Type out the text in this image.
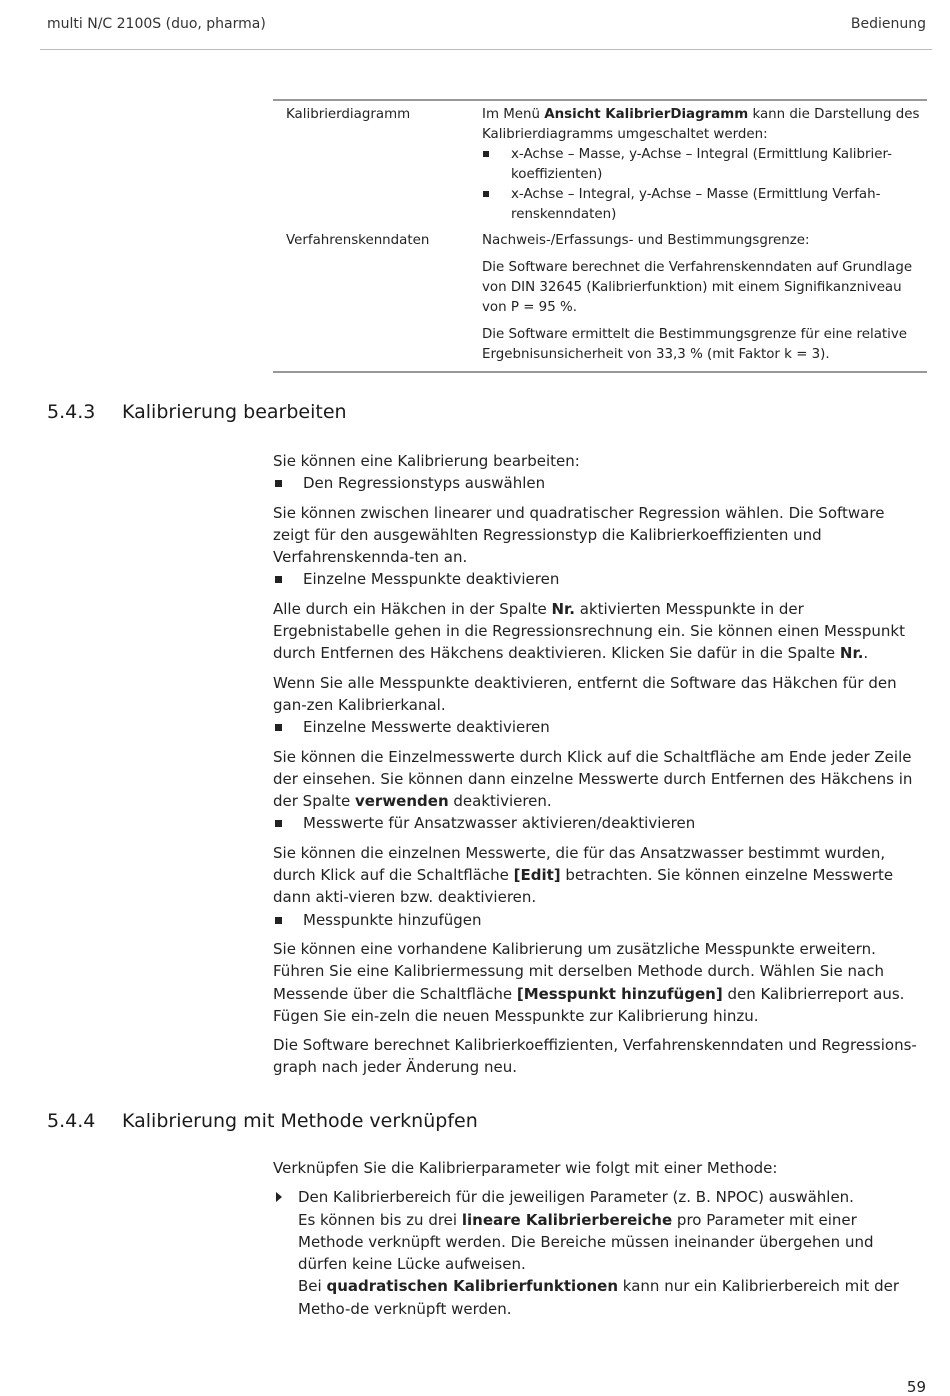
multi N/C 2100S (duo, pharma)	Bedienung
Kalibrierdiagramm	Im Menü Ansicht KalibrierDiagramm kann die Darstellung des Kalibrierdiagramms umgeschaltet werden:
x-Achse – Masse, y-Achse – Integral (Ermittlung Kalibrier-koeffizienten)
x-Achse – Integral, y-Achse – Masse (Ermittlung Verfah-renskenndaten)
Verfahrenskenndaten	Nachweis-/Erfassungs- und Bestimmungsgrenze:

Die Software berechnet die Verfahrenskenndaten auf Grundlage von DIN 32645 (Kalibrierfunktion) mit einem Signifikanzniveau von P = 95 %.

Die Software ermittelt die Bestimmungsgrenze für eine relative Ergebnisunsicherheit von 33,3 % (mit Faktor k = 3).

5.4.3 Kalibrierung bearbeiten

Sie können eine Kalibrierung bearbeiten:

Den Regressionstyps auswählen

Sie können zwischen linearer und quadratischer Regression wählen. Die Software zeigt für den ausgewählten Regressionstyp die Kalibrierkoeffizienten und Verfahrenskennda-ten an.

Einzelne Messpunkte deaktivieren

Alle durch ein Häkchen in der Spalte Nr. aktivierten Messpunkte in der Ergebnistabelle gehen in die Regressionsrechnung ein. Sie können einen Messpunkt durch Entfernen des Häkchens deaktivieren. Klicken Sie dafür in die Spalte Nr..

Wenn Sie alle Messpunkte deaktivieren, entfernt die Software das Häkchen für den gan-zen Kalibrierkanal.

Einzelne Messwerte deaktivieren

Sie können die Einzelmesswerte durch Klick auf die Schaltfläche am Ende jeder Zeile der einsehen. Sie können dann einzelne Messwerte durch Entfernen des Häkchens in der Spalte verwenden deaktivieren.

Messwerte für Ansatzwasser aktivieren/deaktivieren

Sie können die einzelnen Messwerte, die für das Ansatzwasser bestimmt wurden, durch Klick auf die Schaltfläche [Edit] betrachten. Sie können einzelne Messwerte dann akti-vieren bzw. deaktivieren.

Messpunkte hinzufügen

Sie können eine vorhandene Kalibrierung um zusätzliche Messpunkte erweitern. Führen Sie eine Kalibriermessung mit derselben Methode durch. Wählen Sie nach Messende über die Schaltfläche [Messpunkt hinzufügen] den Kalibrierreport aus. Fügen Sie ein-zeln die neuen Messpunkte zur Kalibrierung hinzu.

Die Software berechnet Kalibrierkoeffizienten, Verfahrenskenndaten und Regressions-graph nach jeder Änderung neu.

5.4.4 Kalibrierung mit Methode verknüpfen

Verknüpfen Sie die Kalibrierparameter wie folgt mit einer Methode:

Den Kalibrierbereich für die jeweiligen Parameter (z. B. NPOC) auswählen.
Es können bis zu drei lineare Kalibrierbereiche pro Parameter mit einer Methode verknüpft werden. Die Bereiche müssen ineinander übergehen und dürfen keine Lücke aufweisen.
Bei quadratischen Kalibrierfunktionen kann nur ein Kalibrierbereich mit der Metho-de verknüpft werden.
59
